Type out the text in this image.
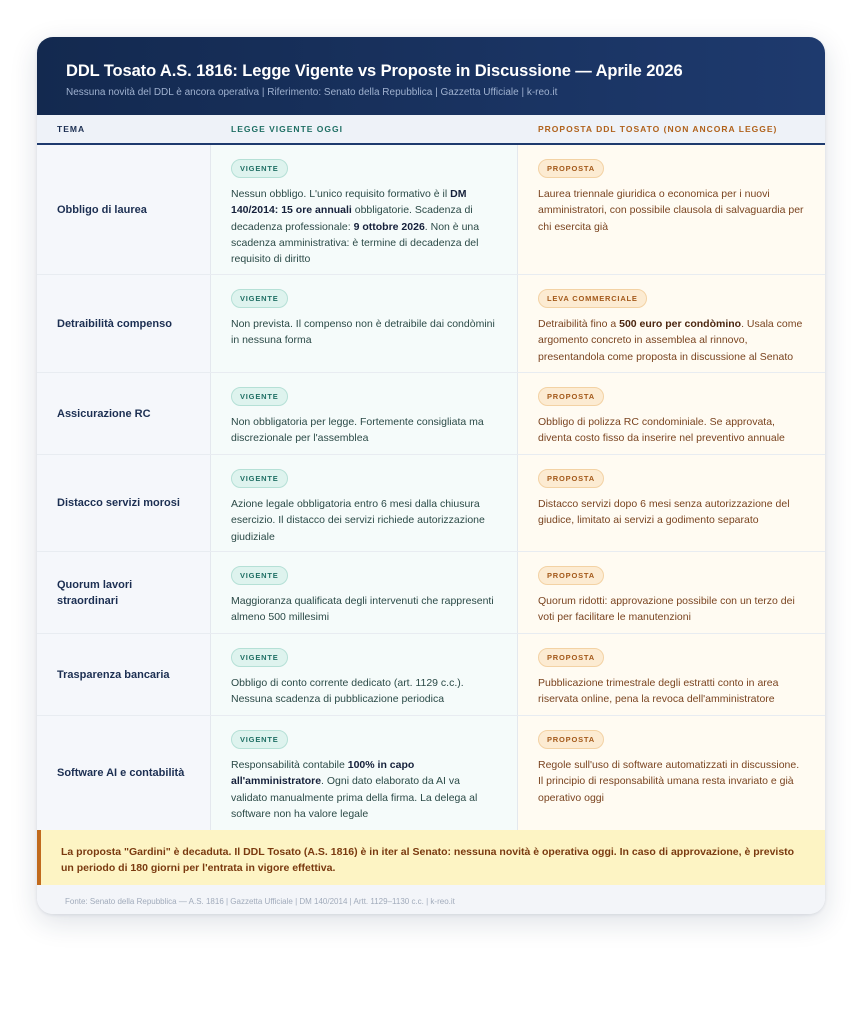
DDL Tosato A.S. 1816: Legge Vigente vs Proposte in Discussione — Aprile 2026
Nessuna novità del DDL è ancora operativa | Riferimento: Senato della Repubblica | Gazzetta Ufficiale | k-reo.it
TEMA	LEGGE VIGENTE OGGI	PROPOSTA DDL TOSATO (NON ANCORA LEGGE)
Obbligo di laurea
VIGENTE
Nessun obbligo. L'unico requisito formativo è il DM 140/2014: 15 ore annuali obbligatorie. Scadenza di decadenza professionale: 9 ottobre 2026. Non è una scadenza amministrativa: è termine di decadenza del requisito di diritto
PROPOSTA
Laurea triennale giuridica o economica per i nuovi amministratori, con possibile clausola di salvaguardia per chi esercita già
Detraibilità compenso
VIGENTE
Non prevista. Il compenso non è detraibile dai condòmini in nessuna forma
LEVA COMMERCIALE
Detraibilità fino a 500 euro per condòmino. Usala come argomento concreto in assemblea al rinnovo, presentandola come proposta in discussione al Senato
Assicurazione RC
VIGENTE
Non obbligatoria per legge. Fortemente consigliata ma discrezionale per l'assemblea
PROPOSTA
Obbligo di polizza RC condominiale. Se approvata, diventa costo fisso da inserire nel preventivo annuale
Distacco servizi morosi
VIGENTE
Azione legale obbligatoria entro 6 mesi dalla chiusura esercizio. Il distacco dei servizi richiede autorizzazione giudiziale
PROPOSTA
Distacco servizi dopo 6 mesi senza autorizzazione del giudice, limitato ai servizi a godimento separato
Quorum lavori straordinari
VIGENTE
Maggioranza qualificata degli intervenuti che rappresenti almeno 500 millesimi
PROPOSTA
Quorum ridotti: approvazione possibile con un terzo dei voti per facilitare le manutenzioni
Trasparenza bancaria
VIGENTE
Obbligo di conto corrente dedicato (art. 1129 c.c.). Nessuna scadenza di pubblicazione periodica
PROPOSTA
Pubblicazione trimestrale degli estratti conto in area riservata online, pena la revoca dell'amministratore
Software AI e contabilità
VIGENTE
Responsabilità contabile 100% in capo all'amministratore. Ogni dato elaborato da AI va validato manualmente prima della firma. La delega al software non ha valore legale
PROPOSTA
Regole sull'uso di software automatizzati in discussione. Il principio di responsabilità umana resta invariato e già operativo oggi
La proposta "Gardini" è decaduta. Il DDL Tosato (A.S. 1816) è in iter al Senato: nessuna novità è operativa oggi. In caso di approvazione, è previsto un periodo di 180 giorni per l'entrata in vigore effettiva.
Fonte: Senato della Repubblica — A.S. 1816 | Gazzetta Ufficiale | DM 140/2014 | Artt. 1129–1130 c.c. | k-reo.it
